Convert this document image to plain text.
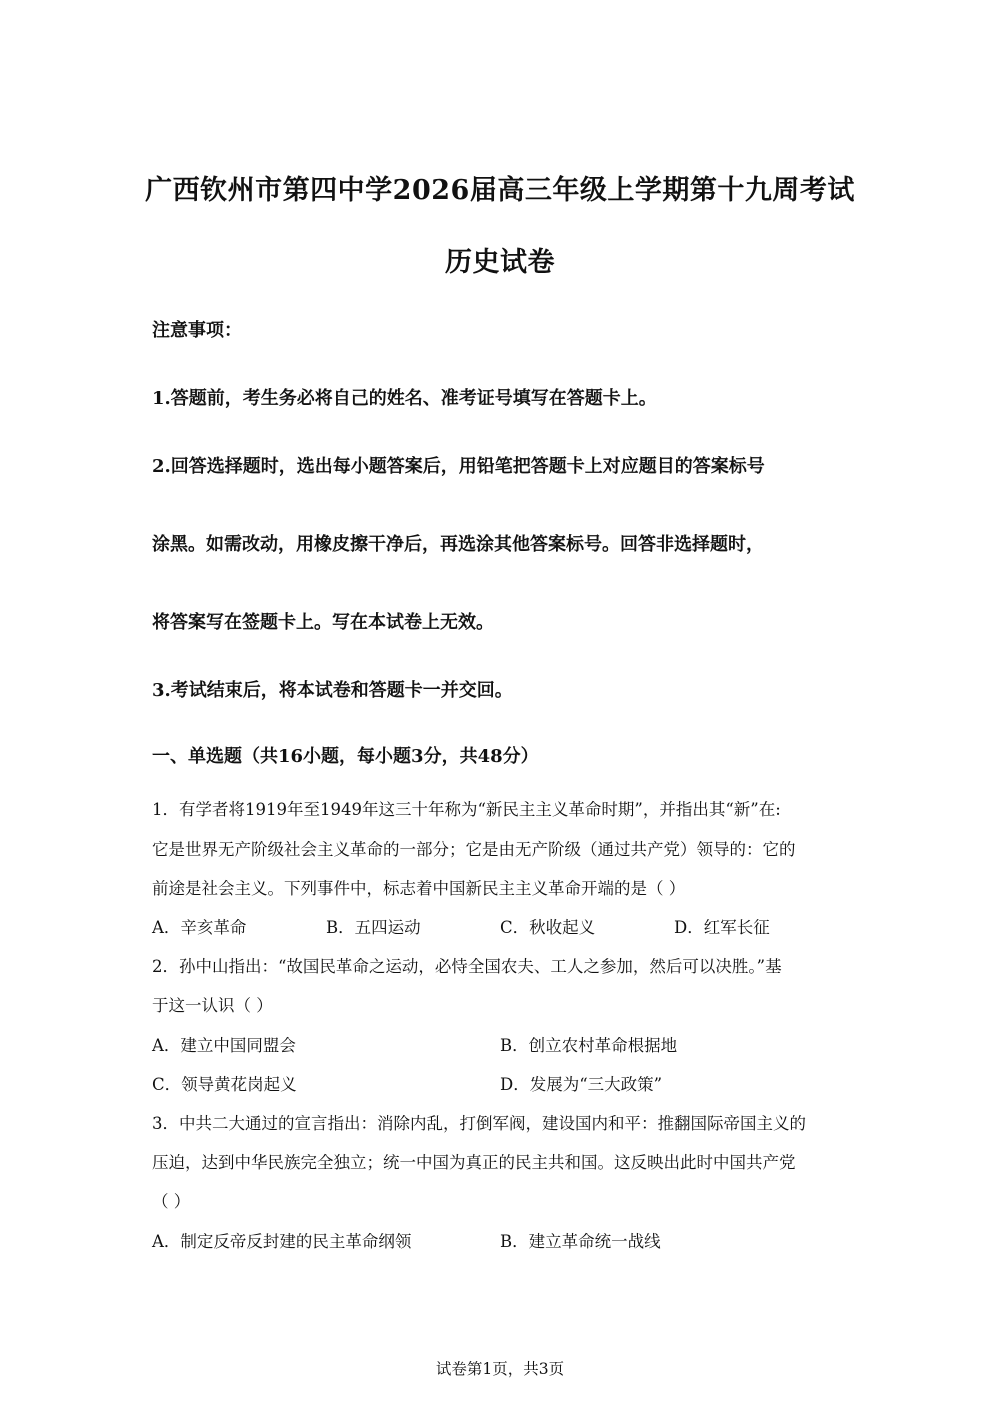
广西钦州市第四中学2026届高三年级上学期第十九周考试
历史试卷
注意事项：
1.答题前，考生务必将自己的姓名、准考证号填写在答题卡上。
2.回答选择题时，选出每小题答案后，用铅笔把答题卡上对应题目的答案标号
涂黑。如需改动，用橡皮擦干净后，再选涂其他答案标号。回答非选择题时，
将答案写在签题卡上。写在本试卷上无效。
3.考试结束后，将本试卷和答题卡一并交回。
一、单选题（共16小题，每小题3分，共48分）
1．有学者将1919年至1949年这三十年称为“新民主主义革命时期”，并指出其“新”在:
它是世界无产阶级社会主义革命的一部分；它是由无产阶级（通过共产党）领导的：它的
前途是社会主义。下列事件中，标志着中国新民主主义革命开端的是（ ）
A．辛亥革命	B．五四运动	C．秋收起义	D．红军长征
2．孙中山指出：“故国民革命之运动，必恃全国农夫、工人之参加，然后可以决胜。”基
于这一认识（ ）
A．建立中国同盟会	B．创立农村革命根据地
C．领导黄花岗起义	D．发展为“三大政策”
3．中共二大通过的宣言指出：消除内乱，打倒军阀，建设国内和平：推翻国际帝国主义的
压迫，达到中华民族完全独立；统一中国为真正的民主共和国。这反映出此时中国共产党
（ ）
A．制定反帝反封建的民主革命纲领	B．建立革命统一战线
试卷第1页，共3页
